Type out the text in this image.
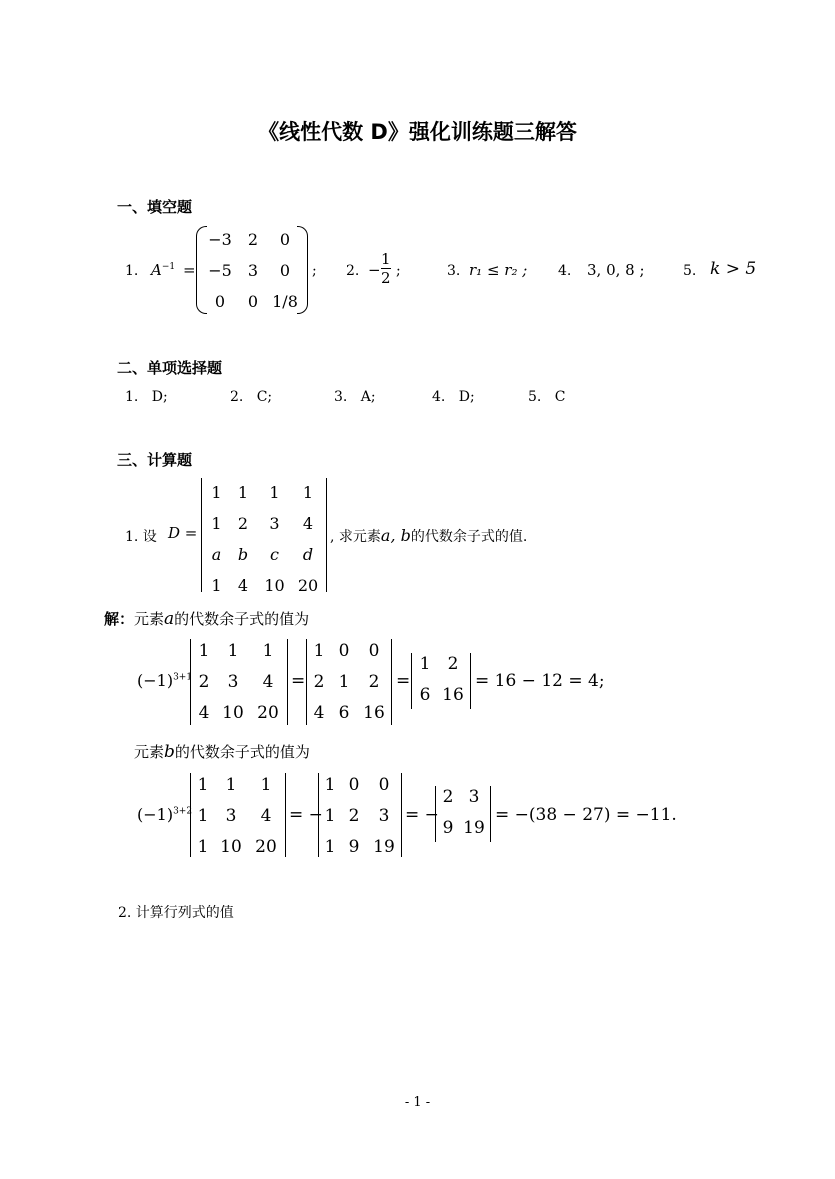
《线性代数 D》强化训练题三解答
一、填空题
1. $A^{-1}$ =
−3	2	0
−5	3	0
0	0 1/8
; 2. − $\frac{1}{2}$ ;	3. r₁ ≤ r₂ ; 4. 3, 0, 8 ;	5. k > 5
二、单项选择题
1. D;	2. C;	3. A;	4. D;	5. C
三、计算题
1. 设 D =
1	1	1	1
1	2	3	4
a	b	c	d
1	4	10 20
, 求元素a, b的代数余子式的值.
解：元素a的代数余子式的值为
$(-1)^{3+1}$
1	1	1
2	3	4
4 10 20
=
1 0	0
2 1	2
4 6 16
=
1	2
6 16
= 16 − 12 = 4;
元素b的代数余子式的值为
$(-1)^{3+2}$
1	1	1
1	3	4
1 10 20
= −
1 0	0
1 2	3
1 9 19
= −
2 3
9 19
= −(38 − 27) = −11.
2. 计算行列式的值
- 1 -
